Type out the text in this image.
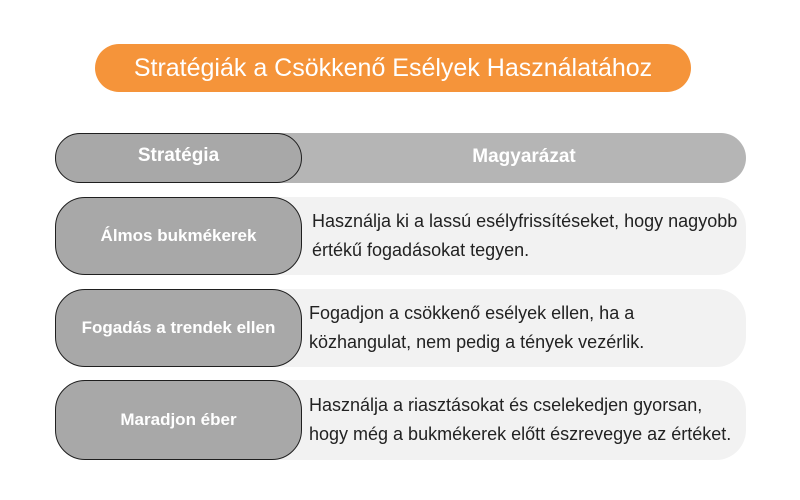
Stratégiák a Csökkenő Esélyek Használatához
Stratégia	Magyarázat
Álmos bukmékerek
Használja ki a lassú esélyfrissítéseket, hogy nagyobb értékű fogadásokat tegyen.
Fogadás a trendek ellen
Fogadjon a csökkenő esélyek ellen, ha a közhangulat, nem pedig a tények vezérlik.
Maradjon éber
Használja a riasztásokat és cselekedjen gyorsan, hogy még a bukmékerek előtt észrevegye az értéket.
